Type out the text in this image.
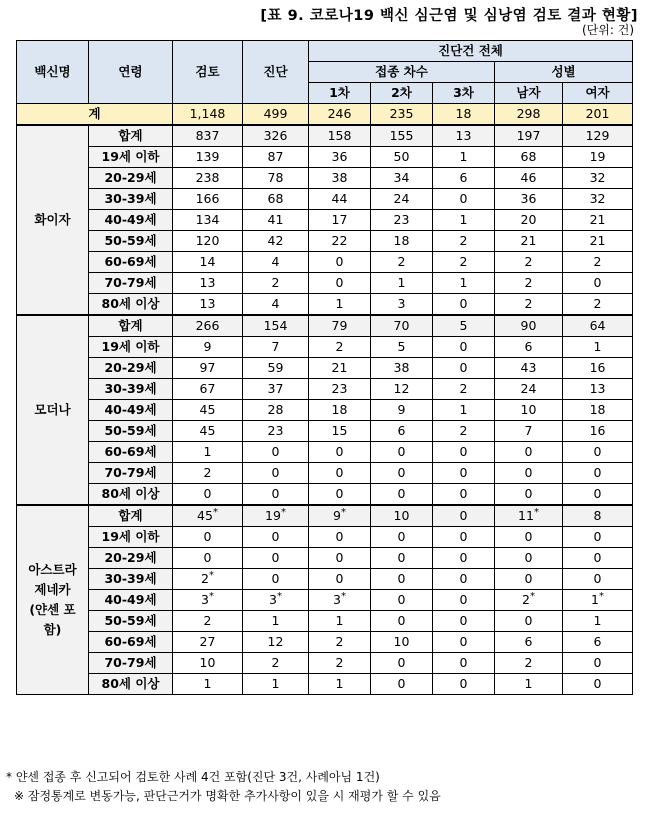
[표 9. 코로나19 백신 심근염 및 심낭염 검토 결과 현황]
(단위: 건)
백신명	연령	검토	진단	진단건 전체				
				접종 차수			성별	
				1차	2차	3차	남자	여자
계		1,148	499	246	235	18	298	201
화이자	합계	837	326	158	155	13	197	129
	19세 이하	139	87	36	50	1	68	19
	20-29세	238	78	38	34	6	46	32
	30-39세	166	68	44	24	0	36	32
	40-49세	134	41	17	23	1	20	21
	50-59세	120	42	22	18	2	21	21
	60-69세	14	4	0	2	2	2	2
	70-79세	13	2	0	1	1	2	0
	80세 이상	13	4	1	3	0	2	2
모더나	합계	266	154	79	70	5	90	64
	19세 이하	9	7	2	5	0	6	1
	20-29세	97	59	21	38	0	43	16
	30-39세	67	37	23	12	2	24	13
	40-49세	45	28	18	9	1	10	18
	50-59세	45	23	15	6	2	7	16
	60-69세	1	0	0	0	0	0	0
	70-79세	2	0	0	0	0	0	0
	80세 이상	0	0	0	0	0	0	0

아스트라
제네카
(얀센 포
함)	합계	45*	19*	9*	10	0	11*	8
	19세 이하	0	0	0	0	0	0	0
	20-29세	0	0	0	0	0	0	0
	30-39세	2*	0	0	0	0	0	0
	40-49세	3*	3*	3*	0	0	2*	1*
	50-59세	2	1	1	0	0	0	1
	60-69세	27	12	2	10	0	6	6
	70-79세	10	2	2	0	0	2	0
	80세 이상	1	1	1	0	0	1	0
* 얀센 접종 후 신고되어 검토한 사례 4건 포함(진단 3건, 사례아님 1건)
※ 잠정통계로 변동가능, 판단근거가 명확한 추가사항이 있을 시 재평가 할 수 있음
